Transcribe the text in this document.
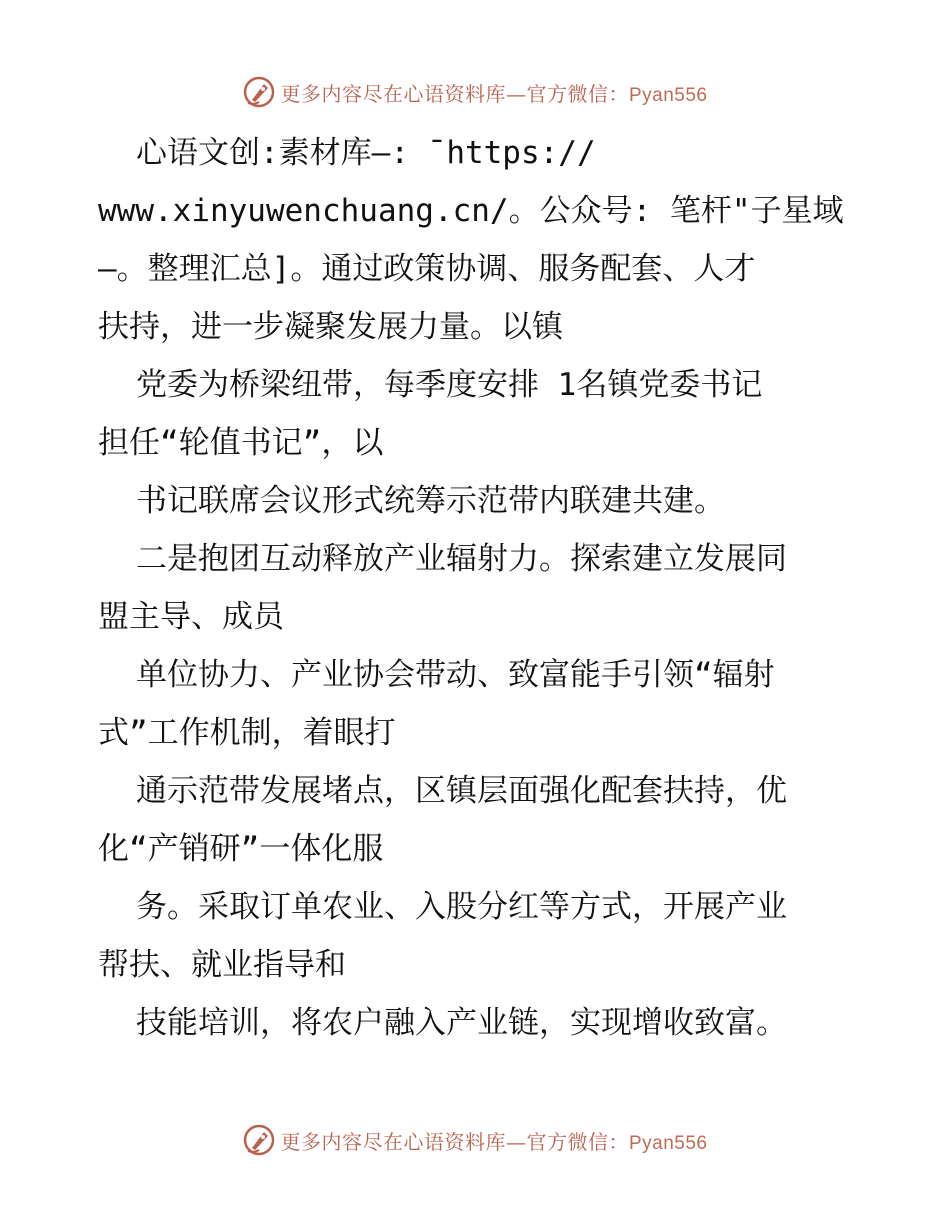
更多内容尽在心语资料库—官方微信：Pyan556
心语文创:素材库—: ¯https://
www.xinyuwenchuang.cn/。公众号: 笔杆"子星域
—。整理汇总]。通过政策协调、服务配套、人才
扶持，进一步凝聚发展力量。以镇
党委为桥梁纽带，每季度安排 1名镇党委书记
担任“轮值书记”，以
书记联席会议形式统筹示范带内联建共建。
二是抱团互动释放产业辐射力。探索建立发展同
盟主导、成员
单位协力、产业协会带动、致富能手引领“辐射
式”工作机制，着眼打
通示范带发展堵点，区镇层面强化配套扶持，优
化“产销研”一体化服
务。采取订单农业、入股分红等方式，开展产业
帮扶、就业指导和
技能培训，将农户融入产业链，实现增收致富。
更多内容尽在心语资料库—官方微信：Pyan556
